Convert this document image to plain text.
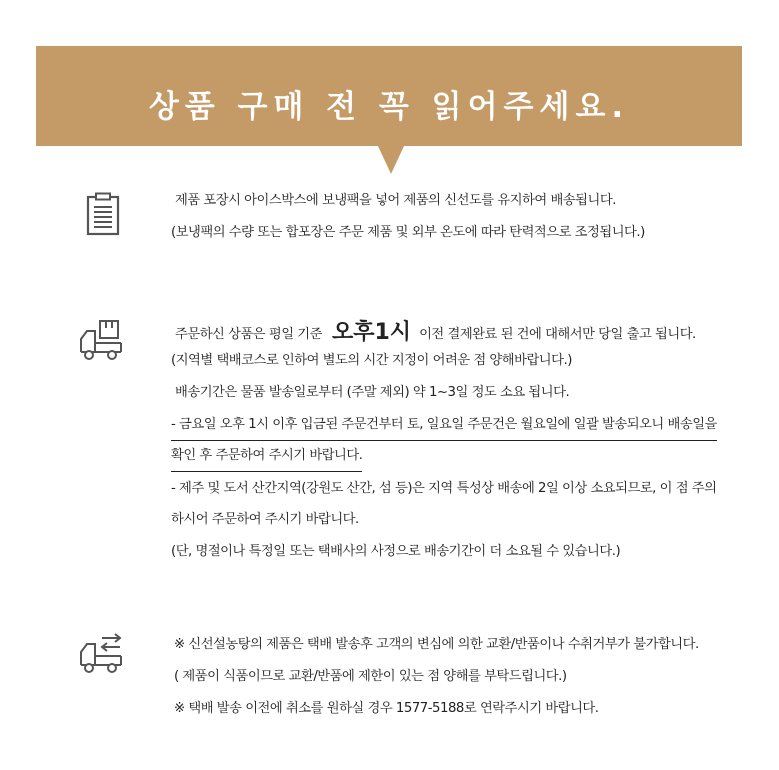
상품 구매 전 꼭 읽어주세요.
제품 포장시 아이스박스에 보냉팩을 넣어 제품의 신선도를 유지하여 배송됩니다.
(보냉팩의 수량 또는 합포장은 주문 제품 및 외부 온도에 따라 탄력적으로 조정됩니다.)
주문하신 상품은 평일 기준 오후1시 이전 결제완료 된 건에 대해서만 당일 출고 됩니다.
(지역별 택배코스로 인하여 별도의 시간 지정이 어려운 점 양해바랍니다.)
배송기간은 물품 발송일로부터 (주말 제외) 약 1~3일 정도 소요 됩니다.
- 금요일 오후 1시 이후 입금된 주문건부터 토, 일요일 주문건은 월요일에 일괄 발송되오니 배송일을
확인 후 주문하여 주시기 바랍니다.
- 제주 및 도서 산간지역(강원도 산간, 섬 등)은 지역 특성상 배송에 2일 이상 소요되므로, 이 점 주의
하시어 주문하여 주시기 바랍니다.
(단, 명절이나 특정일 또는 택배사의 사정으로 배송기간이 더 소요될 수 있습니다.)
※ 신선설농탕의 제품은 택배 발송후 고객의 변심에 의한 교환/반품이나 수취거부가 불가합니다.
( 제품이 식품이므로 교환/반품에 제한이 있는 점 양해를 부탁드립니다.)
※ 택배 발송 이전에 취소를 원하실 경우 1577-5188로 연락주시기 바랍니다.
